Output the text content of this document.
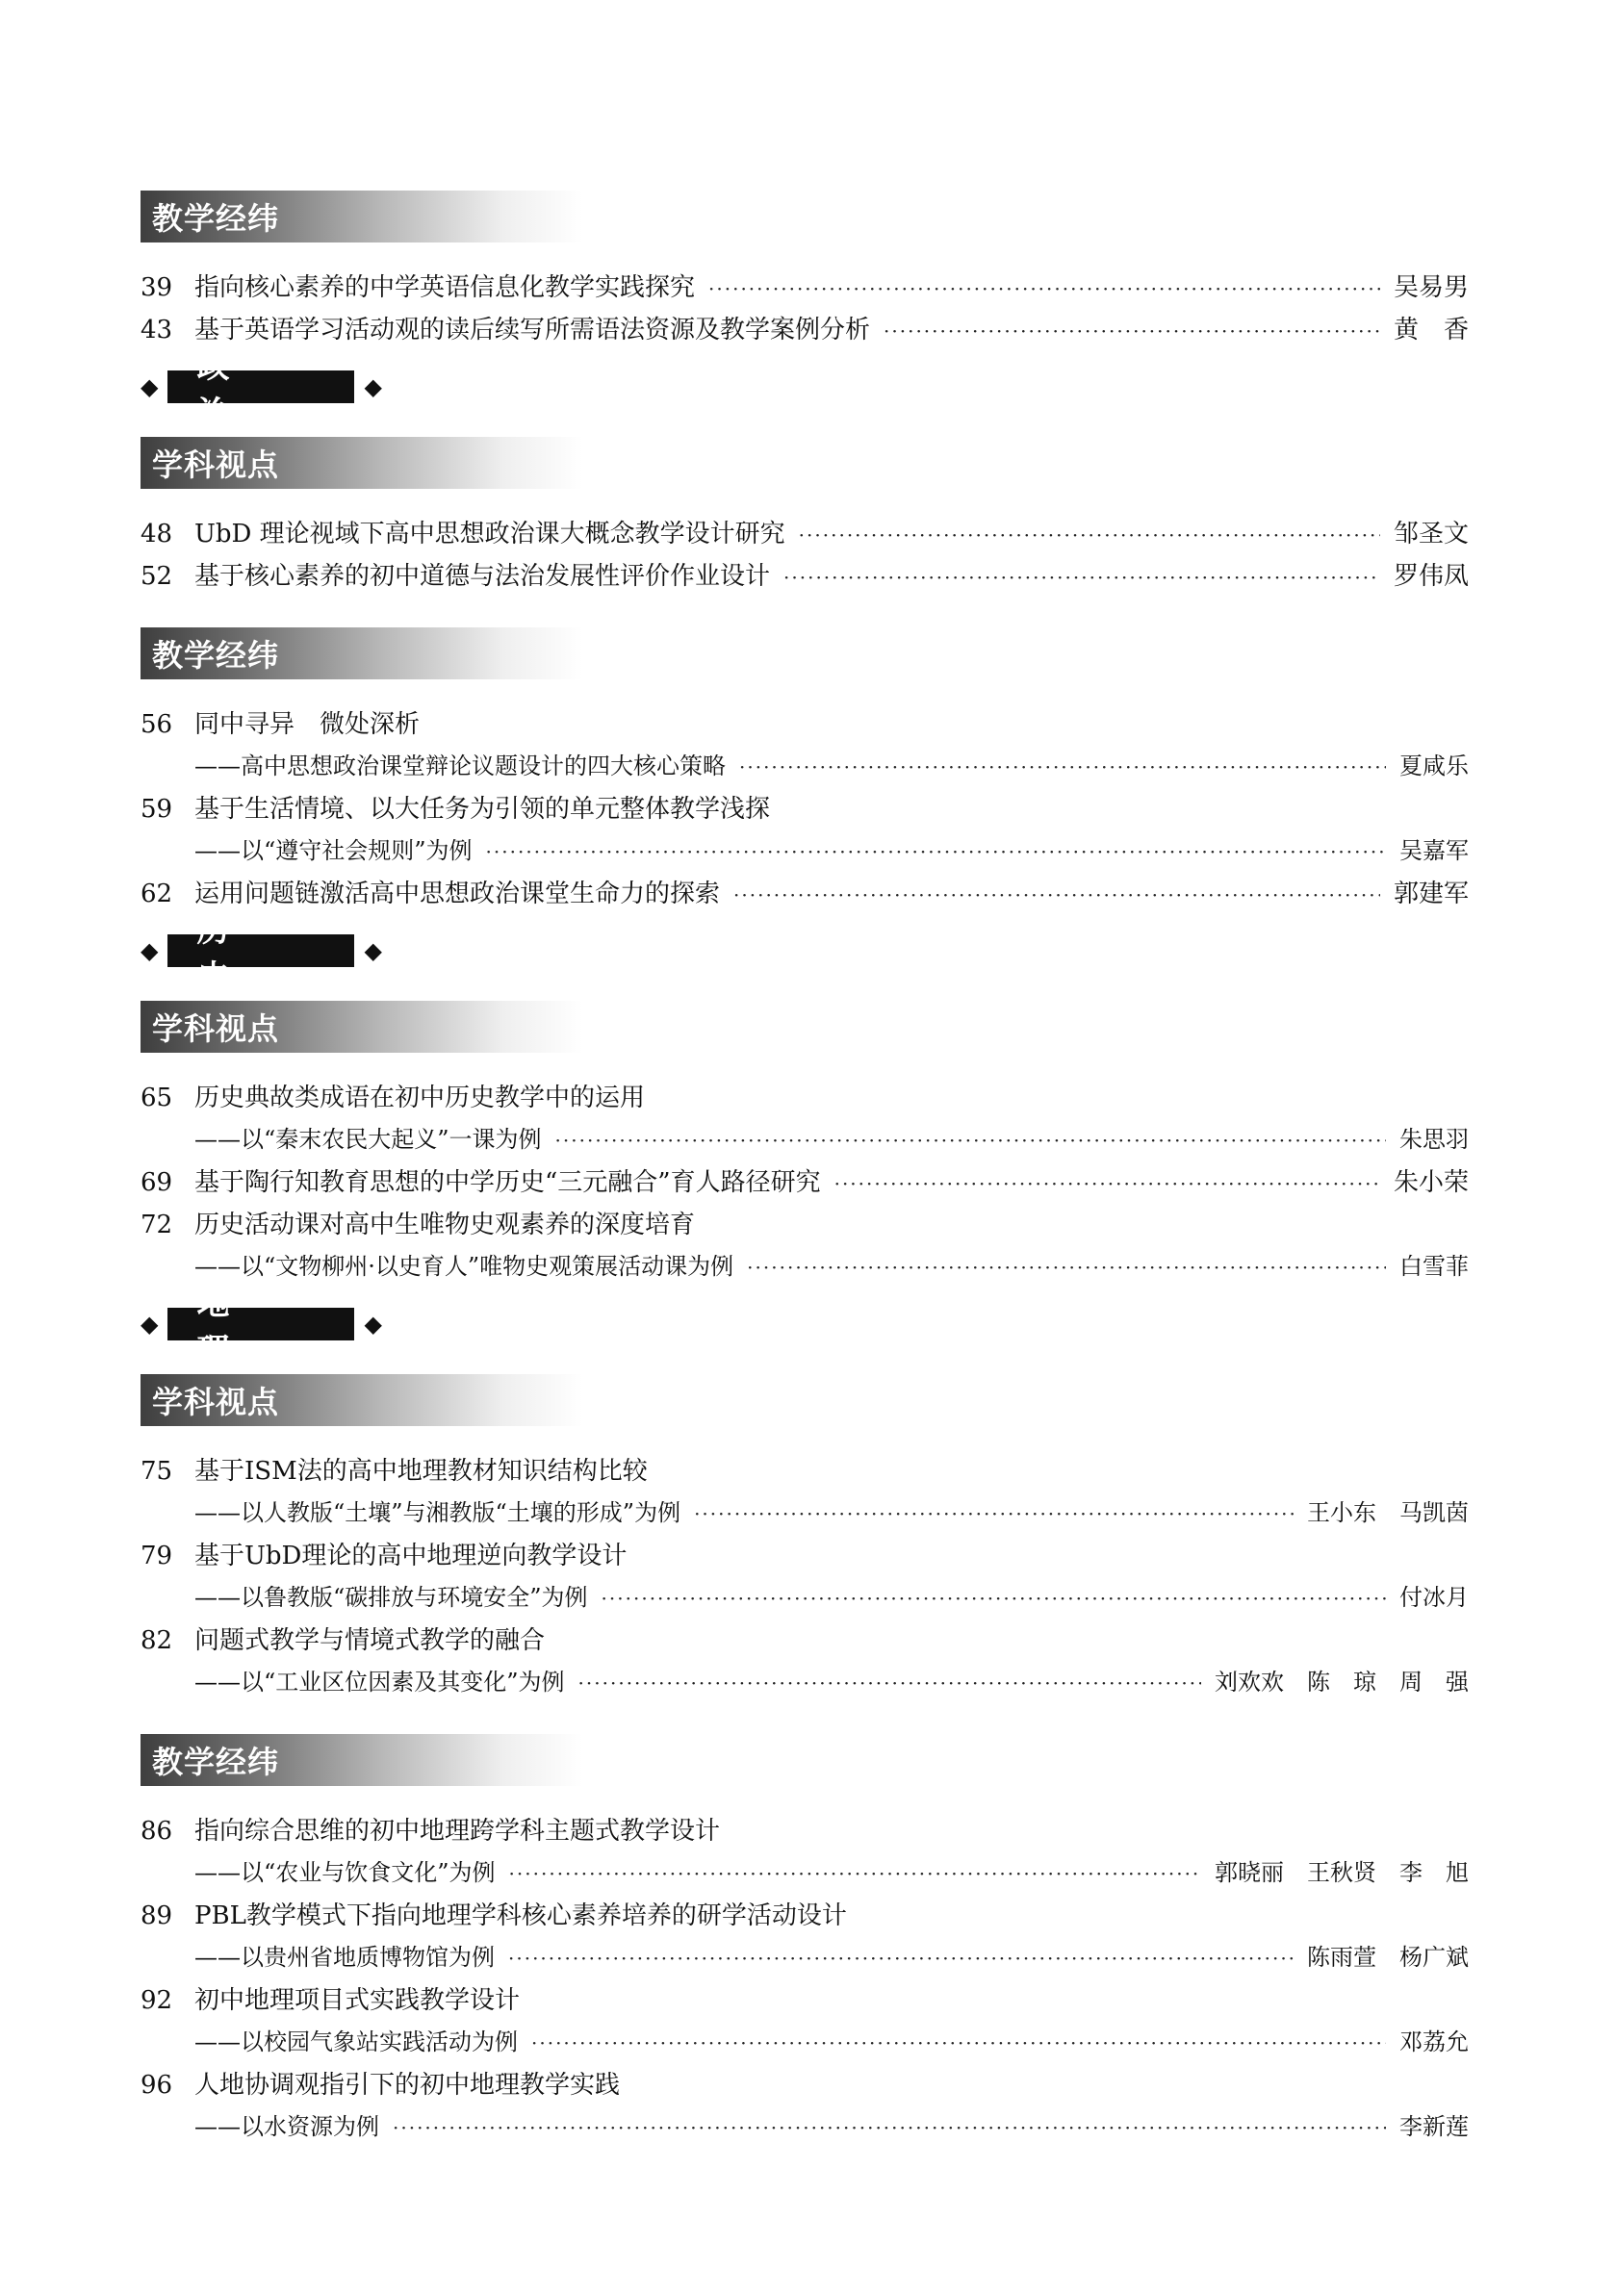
教学经纬
39 指向核心素养的中学英语信息化教学实践探究 ·····	吴易男
43 基于英语学习活动观的读后续写所需语法资源及教学案例分析 ·····	黄　香
◆
政　治
◆
学科视点
48 UbD 理论视域下高中思想政治课大概念教学设计研究 ·····	邹圣文
52 基于核心素养的初中道德与法治发展性评价作业设计 ·····	罗伟凤
教学经纬
56 同中寻异　微处深析
——高中思想政治课堂辩论议题设计的四大核心策略 ·····	夏咸乐
59 基于生活情境、以大任务为引领的单元整体教学浅探
——以“遵守社会规则”为例 ·····	吴嘉军
62 运用问题链激活高中思想政治课堂生命力的探索 ·····	郭建军
◆
历　史
◆
学科视点
65 历史典故类成语在初中历史教学中的运用
——以“秦末农民大起义”一课为例 ·····	朱思羽
69 基于陶行知教育思想的中学历史“三元融合”育人路径研究 ·····	朱小荣
72 历史活动课对高中生唯物史观素养的深度培育
——以“文物柳州·以史育人”唯物史观策展活动课为例 ·····	白雪菲
◆
地　理
◆
学科视点
75 基于ISM法的高中地理教材知识结构比较
——以人教版“土壤”与湘教版“土壤的形成”为例 ·····	王小东　马凯茵
79 基于UbD理论的高中地理逆向教学设计
——以鲁教版“碳排放与环境安全”为例 ·····	付冰月
82 问题式教学与情境式教学的融合
——以“工业区位因素及其变化”为例 ·····	刘欢欢　陈　琼　周　强
教学经纬
86 指向综合思维的初中地理跨学科主题式教学设计
——以“农业与饮食文化”为例 ·····	郭晓丽　王秋贤　李　旭
89 PBL教学模式下指向地理学科核心素养培养的研学活动设计
——以贵州省地质博物馆为例 ·····	陈雨萱　杨广斌
92 初中地理项目式实践教学设计
——以校园气象站实践活动为例 ·····	邓荔允
96 人地协调观指引下的初中地理教学实践
——以水资源为例 ·····	李新莲
